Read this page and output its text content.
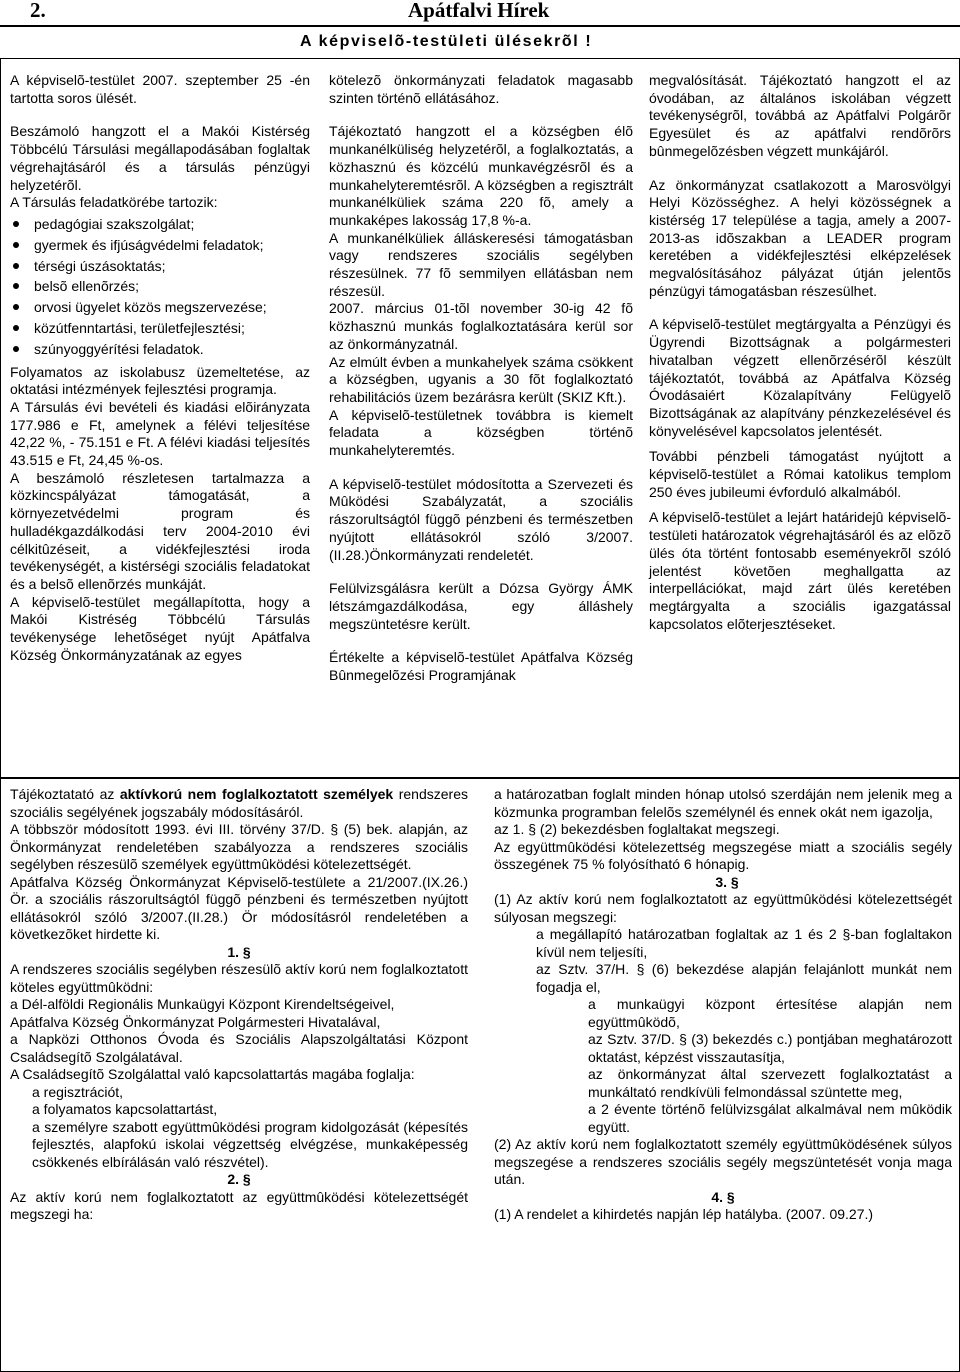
2.	Apátfalvi Hírek
A képviselõ-testületi ülésekrõl !

A képviselõ-testület 2007. szeptember 25 -én tartotta soros ülését.

Beszámoló hangzott el a Makói Kistérség Többcélú Társulási megállapodásában foglaltak végrehajtásáról és a társulás pénzügyi helyzetérõl.

A Társulás feladatkörébe tartozik:

pedagógiai szakszolgálat;
gyermek és ifjúságvédelmi feladatok;
térségi úszásoktatás;
belsõ ellenõrzés;
orvosi ügyelet közös megszervezése;
közútfenntartási, területfejlesztési;
szúnyoggyérítési feladatok.

Folyamatos az iskolabusz üzemeltetése, az oktatási intézmények fejlesztési programja.

A Társulás évi bevételi és kiadási elõirányzata 177.986 e Ft, amelynek a félévi teljesítése 42,22 %, - 75.151 e Ft. A félévi kiadási teljesítés 43.515 e Ft, 24,45 %-os.

A beszámoló részletesen tartalmazza a közkincspályázat támogatását, a környezetvédelmi program és hulladékgazdálkodási terv 2004-2010 évi célkitûzéseit, a vidékfejlesztési iroda tevékenységét, a kistérségi szociális feladatokat és a belsõ ellenõrzés munkáját.

A képviselõ-testület megállapította, hogy a Makói Kistréség Többcélú Társulás tevékenysége lehetõséget nyújt Apátfalva Község Önkormányzatának az egyes

kötelezõ önkormányzati feladatok magasabb szinten történõ ellátásához.

Tájékoztató hangzott el a községben élõ munkanélküliség helyzetérõl, a foglalkoztatás, a közhasznú és közcélú munkavégzésrõl és a munkahelyteremtésrõl. A községben a regisztrált munkanélküliek száma 220 fõ, amely a munkaképes lakosság 17,8 %-a.

A munkanélküliek álláskeresési támogatásban vagy rendszeres szociális segélyben részesülnek. 77 fõ semmilyen ellátásban nem részesül.

2007. március 01-tõl november 30-ig 42 fõ közhasznú munkás foglalkoztatására kerül sor az önkormányzatnál.

Az elmúlt évben a munkahelyek száma csökkent a községben, ugyanis a 30 fõt foglalkoztató rehabilitációs üzem bezárásra került (SKIZ Kft.).

A képviselõ-testületnek továbbra is kiemelt feladata a községben történõ munkahelyteremtés.

A képviselõ-testület módosította a Szervezeti és Mûködési Szabályzatát, a szociális rászorultságtól függõ pénzbeni és természetben nyújtott ellátásokról szóló 3/2007. (II.28.)Önkormányzati rendeletét.

Felülvizsgálásra került a Dózsa György ÁMK létszámgazdálkodása, egy álláshely megszüntetésre került.

Értékelte a képviselõ-testület Apátfalva Község Bûnmegelõzési Programjának

megvalósítását. Tájékoztató hangzott el az óvodában, az általános iskolában végzett tevékenységrõl, továbbá az Apátfalvi Polgárõr Egyesület és az apátfalvi rendõrõrs bûnmegelõzésben végzett munkájáról.

Az önkormányzat csatlakozott a Marosvölgyi Helyi Közösséghez. A helyi közösségnek a kistérség 17 települése a tagja, amely a 2007-2013-as idõszakban a LEADER program keretében a vidékfejlesztési elképzelések megvalósításához pályázat útján jelentõs pénzügyi támogatásban részesülhet.

A képviselõ-testület megtárgyalta a Pénzügyi és Ügyrendi Bizottságnak a polgármesteri hivatalban végzett ellenõrzésérõl készült tájékoztatót, továbbá az Apátfalva Község Óvodásaiért Közalapítvány Felügyelõ Bizottságának az alapítvány pénzkezelésével és könyvelésével kapcsolatos jelentését.

További pénzbeli támogatást nyújtott a képviselõ-testület a Római katolikus templom 250 éves jubileumi évforduló alkalmából.

A képviselõ-testület a lejárt határidejû képviselõ-testületi határozatok végrehajtásáról és az elõzõ ülés óta történt fontosabb eseményekrõl szóló jelentést követõen meghallgatta az interpellációkat, majd zárt ülés keretében megtárgyalta a szociális igazgatással kapcsolatos elõterjesztéseket.

Tájékoztatató az aktívkorú nem foglalkoztatott személyek rendszeres szociális segélyének jogszabály módosításáról.

A többször módosított 1993. évi III. törvény 37/D. § (5) bek. alapján, az Önkormányzat rendeletében szabályozza a rendszeres szociális segélyben részesülõ személyek együttmûködési kötelezettségét.

Apátfalva Község Önkormányzat Képviselõ-testülete a 21/2007.(IX.26.) Ör. a szociális rászorultságtól függõ pénzbeni és természetben nyújtott ellátásokról szóló 3/2007.(II.28.) Ör módosításról rendeletében a következõket hirdette ki.

1. §

A rendszeres szociális segélyben részesülõ aktív korú nem foglalkoztatott köteles együttmûködni:

a Dél-alföldi Regionális Munkaügyi Központ Kirendeltségeivel,

Apátfalva Község Önkormányzat Polgármesteri Hivatalával,

a Napközi Otthonos Óvoda és Szociális Alapszolgáltatási Központ Családsegítõ Szolgálatával.

A Családsegítõ Szolgálattal való kapcsolattartás magába foglalja:

a regisztrációt,

a folyamatos kapcsolattartást,

a személyre szabott együttmûködési program kidolgozását (képesítés fejlesztés, alapfokú iskolai végzettség elvégzése, munkaképesség csökkenés elbírálásán való részvétel).

2. §

Az aktív korú nem foglalkoztatott az együttmûködési kötelezettségét megszegi ha:

a határozatban foglalt minden hónap utolsó szerdáján nem jelenik meg a közmunka programban felelõs személynél és ennek okát nem igazolja,

az 1. § (2) bekezdésben foglaltakat megszegi.

Az együttmûködési kötelezettség megszegése miatt a szociális segély összegének 75 % folyósítható 6 hónapig.

3. §

(1) Az aktív korú nem foglalkoztatott az együttmûködési kötelezettségét súlyosan megszegi:

a megállapító határozatban foglaltak az 1 és 2 §-ban foglaltakon kívül nem teljesíti,

az Sztv. 37/H. § (6) bekezdése alapján felajánlott munkát nem fogadja el,

a munkaügyi központ értesítése alapján nem együttmûködõ,

az Sztv. 37/D. § (3) bekezdés c.) pontjában meghatározott oktatást, képzést visszautasítja,

az önkormányzat által szervezett foglalkoztatást a munkáltató rendkívüli felmondással szüntette meg,

a 2 évente történõ felülvizsgálat alkalmával nem mûködik együtt.

(2) Az aktív korú nem foglalkoztatott személy együttmûködésének súlyos megszegése a rendszeres szociális segély megszüntetését vonja maga után.

4. §

(1) A rendelet a kihirdetés napján lép hatályba. (2007. 09.27.)
